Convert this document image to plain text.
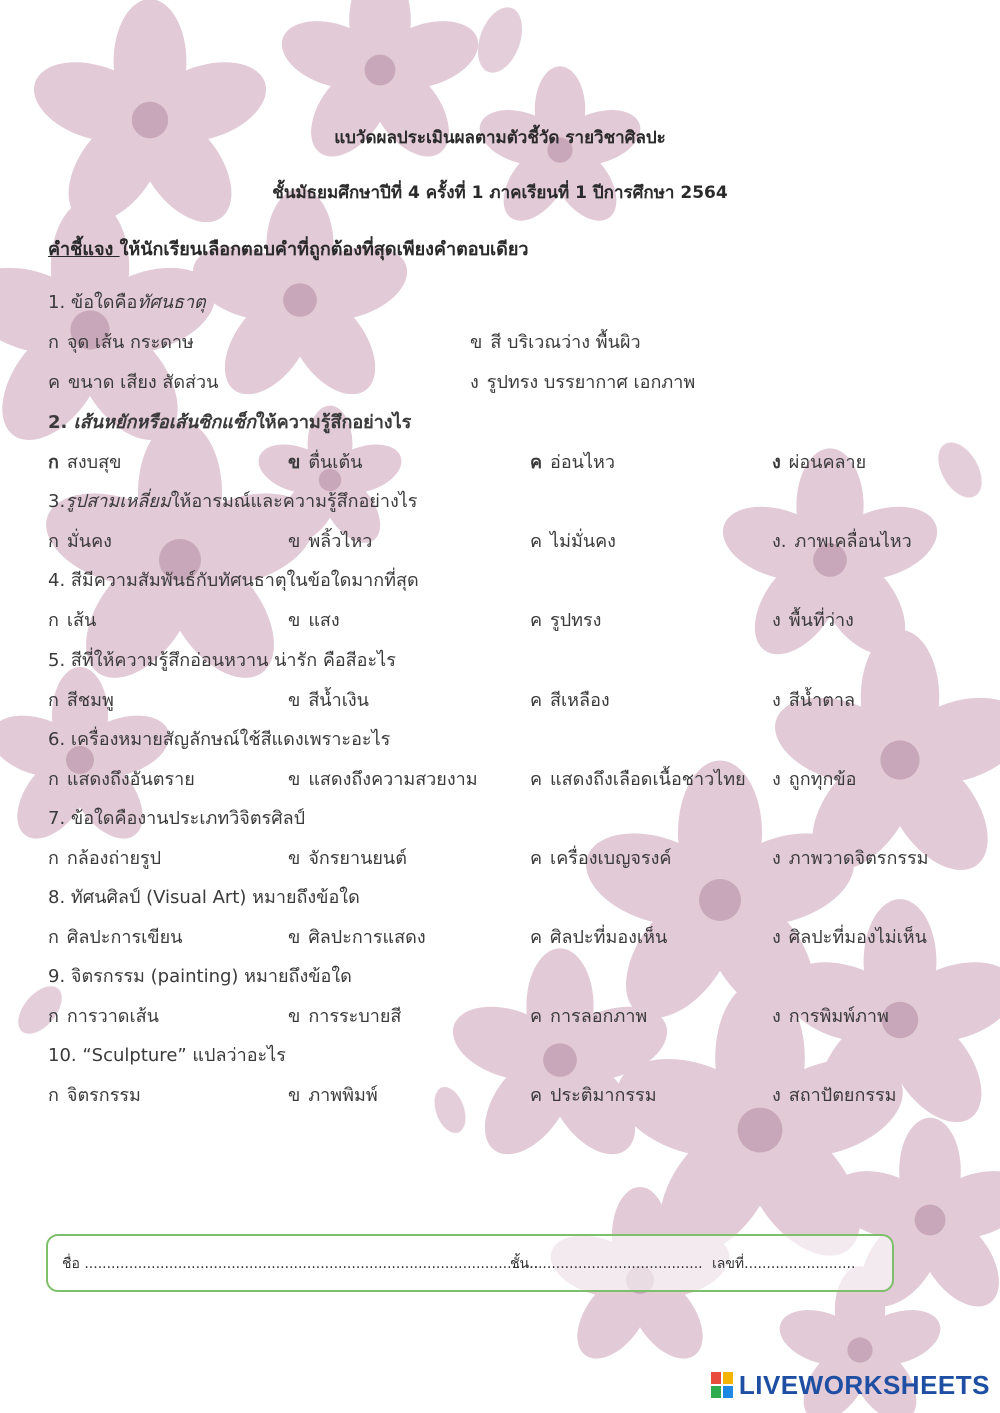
แบวัดผลประเมินผลตามตัวชี้วัด รายวิชาศิลปะ
ชั้นมัธยมศึกษาปีที่ 4 ครั้งที่ 1 ภาคเรียนที่ 1 ปีการศึกษา 2564
คำชี้แจง ให้นักเรียนเลือกตอบคำที่ถูกต้องที่สุดเพียงคำตอบเดียว
1. ข้อใดคือทัศนธาตุ
ก จุด เส้น กระดาษ	ข สี บริเวณว่าง พื้นผิว
ค ขนาด เสียง สัดส่วน	ง รูปทรง บรรยากาศ เอกภาพ
2. เส้นหยักหรือเส้นซิกแซ็กให้ความรู้สึกอย่างไร
ก สงบสุข	ข ตื่นเต้น	ค อ่อนไหว	ง ผ่อนคลาย
3.รูปสามเหลี่ยมให้อารมณ์และความรู้สึกอย่างไร
ก มั่นคง	ข พลิ้วไหว	ค ไม่มั่นคง	ง. ภาพเคลื่อนไหว
4. สีมีความสัมพันธ์กับทัศนธาตุในข้อใดมากที่สุด
ก เส้น	ข แสง	ค รูปทรง	ง พื้นที่ว่าง
5. สีที่ให้ความรู้สึกอ่อนหวาน น่ารัก คือสีอะไร
ก สีชมพู	ข สีน้ำเงิน	ค สีเหลือง	ง สีน้ำตาล
6. เครื่องหมายสัญลักษณ์ใช้สีแดงเพราะอะไร
ก แสดงถึงอันตราย	ข แสดงถึงความสวยงาม	ค แสดงถึงเลือดเนื้อชาวไทย ง ถูกทุกข้อ
7. ข้อใดคืองานประเภทวิจิตรศิลป์
ก กล้องถ่ายรูป	ข จักรยานยนต์	ค เครื่องเบญจรงค์	ง ภาพวาดจิตรกรรม
8. ทัศนศิลป์ (Visual Art) หมายถึงข้อใด
ก ศิลปะการเขียน	ข ศิลปะการแสดง	ค ศิลปะที่มองเห็น	ง ศิลปะที่มองไม่เห็น
9. จิตรกรรม (painting) หมายถึงข้อใด
ก การวาดเส้น	ข การระบายสี	ค การลอกภาพ	ง การพิมพ์ภาพ
10. “Sculpture” แปลว่าอะไร
ก จิตรกรรม	ข ภาพพิมพ์	ค ประติมากรรม	ง สถาปัตยกรรม
ชื่อ ......................................................................................................
ชั้น....................................... เลขที่.........................
LIVEWORKSHEETS
